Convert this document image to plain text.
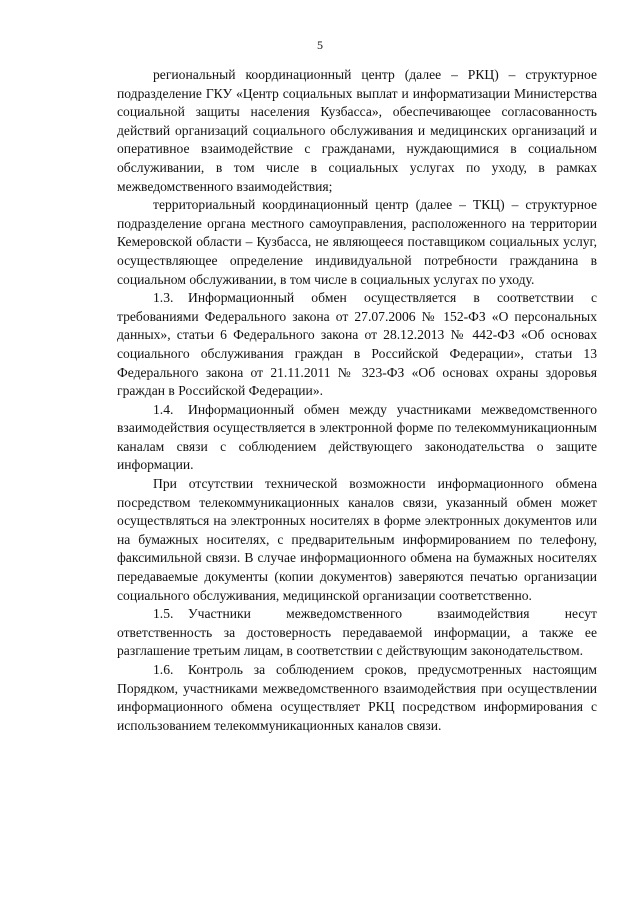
5

региональный координационный центр (далее – РКЦ) – структурное подразделение ГКУ «Центр социальных выплат и информатизации Министерства социальной защиты населения Кузбасса», обеспечивающее согласованность действий организаций социального обслуживания и медицинских организаций и оперативное взаимодействие с гражданами, нуждающимися в социальном обслуживании, в том числе в социальных услугах по уходу, в рамках межведомственного взаимодействия;

территориальный координационный центр (далее – ТКЦ) – структурное подразделение органа местного самоуправления, расположенного на территории Кемеровской области – Кузбасса, не являющееся поставщиком социальных услуг, осуществляющее определение индивидуальной потребности гражданина в социальном обслуживании, в том числе в социальных услугах по уходу.

1.3. Информационный обмен осуществляется в соответствии с требованиями Федерального закона от 27.07.2006 № 152-ФЗ «О персональных данных», статьи 6 Федерального закона от 28.12.2013 № 442-ФЗ «Об основах социального обслуживания граждан в Российской Федерации», статьи 13 Федерального закона от 21.11.2011 № 323-ФЗ «Об основах охраны здоровья граждан в Российской Федерации».

1.4. Информационный обмен между участниками межведомственного взаимодействия осуществляется в электронной форме по телекоммуникационным каналам связи с соблюдением действующего законодательства о защите информации.

При отсутствии технической возможности информационного обмена посредством телекоммуникационных каналов связи, указанный обмен может осуществляться на электронных носителях в форме электронных документов или на бумажных носителях, с предварительным информированием по телефону, факсимильной связи. В случае информационного обмена на бумажных носителях передаваемые документы (копии документов) заверяются печатью организации социального обслуживания, медицинской организации соответственно.

1.5. Участники межведомственного взаимодействия несут ответственность за достоверность передаваемой информации, а также ее разглашение третьим лицам, в соответствии с действующим законодательством.

1.6. Контроль за соблюдением сроков, предусмотренных настоящим Порядком, участниками межведомственного взаимодействия при осуществлении информационного обмена осуществляет РКЦ посредством информирования с использованием телекоммуникационных каналов связи.
